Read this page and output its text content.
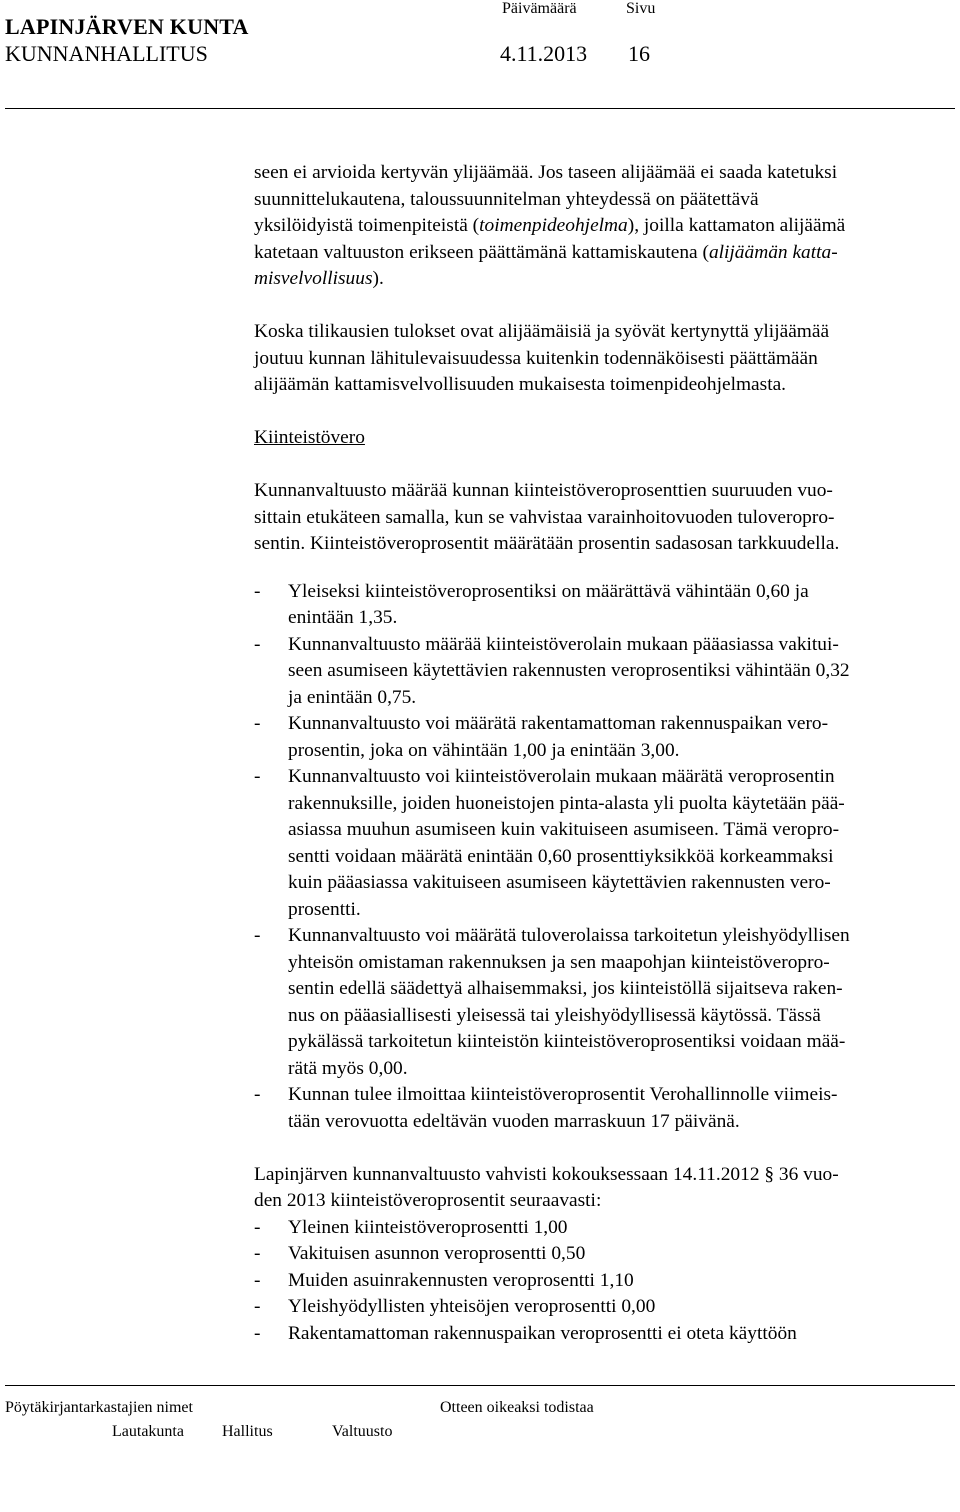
LAPINJÄRVEN KUNTA
Päivämäärä	Sivu
KUNNANHALLITUS	4.11.2013 16

seen ei arvioida kertyvän ylijäämää. Jos taseen alijäämää ei saada katetuksi
suunnittelukautena, taloussuunnitelman yhteydessä on päätettävä
yksilöidyistä toimenpiteistä (toimenpideohjelma), joilla kattamaton alijäämä
katetaan valtuuston erikseen päättämänä kattamiskautena (alijäämän katta-
misvelvollisuus).

Koska tilikausien tulokset ovat alijäämäisiä ja syövät kertynyttä ylijäämää
joutuu kunnan lähitulevaisuudessa kuitenkin todennäköisesti päättämään
alijäämän kattamisvelvollisuuden mukaisesta toimenpideohjelmasta.

Kiinteistövero

Kunnanvaltuusto määrää kunnan kiinteistöveroprosenttien suuruuden vuo-
sittain etukäteen samalla, kun se vahvistaa varainhoitovuoden tuloveropro-
sentin. Kiinteistöveroprosentit määrätään prosentin sadasosan tarkkuudella.

- Yleiseksi kiinteistöveroprosentiksi on määrättävä vähintään 0,60 ja
enintään 1,35.

- Kunnanvaltuusto määrää kiinteistöverolain mukaan pääasiassa vakitui-
seen asumiseen käytettävien rakennusten veroprosentiksi vähintään 0,32
ja enintään 0,75.

- Kunnanvaltuusto voi määrätä rakentamattoman rakennuspaikan vero-
prosentin, joka on vähintään 1,00 ja enintään 3,00.

- Kunnanvaltuusto voi kiinteistöverolain mukaan määrätä veroprosentin
rakennuksille, joiden huoneistojen pinta-alasta yli puolta käytetään pää-
asiassa muuhun asumiseen kuin vakituiseen asumiseen. Tämä veropro-
sentti voidaan määrätä enintään 0,60 prosenttiyksikköä korkeammaksi
kuin pääasiassa vakituiseen asumiseen käytettävien rakennusten vero-
prosentti.

- Kunnanvaltuusto voi määrätä tuloverolaissa tarkoitetun yleishyödyllisen
yhteisön omistaman rakennuksen ja sen maapohjan kiinteistöveropro-
sentin edellä säädettyä alhaisemmaksi, jos kiinteistöllä sijaitseva raken-
nus on pääasiallisesti yleisessä tai yleishyödyllisessä käytössä. Tässä
pykälässä tarkoitetun kiinteistön kiinteistöveroprosentiksi voidaan mää-
rätä myös 0,00.

- Kunnan tulee ilmoittaa kiinteistöveroprosentit Verohallinnolle viimeis-
tään verovuotta edeltävän vuoden marraskuun 17 päivänä.

Lapinjärven kunnanvaltuusto vahvisti kokouksessaan 14.11.2012 § 36 vuo-
den 2013 kiinteistöveroprosentit seuraavasti:

- Yleinen kiinteistöveroprosentti 1,00

- Vakituisen asunnon veroprosentti 0,50

- Muiden asuinrakennusten veroprosentti 1,10

- Yleishyödyllisten yhteisöjen veroprosentti 0,00

- Rakentamattoman rakennuspaikan veroprosentti ei oteta käyttöön

Pöytäkirjantarkastajien nimet	Otteen oikeaksi todistaa
Lautakunta Hallitus	Valtuusto
